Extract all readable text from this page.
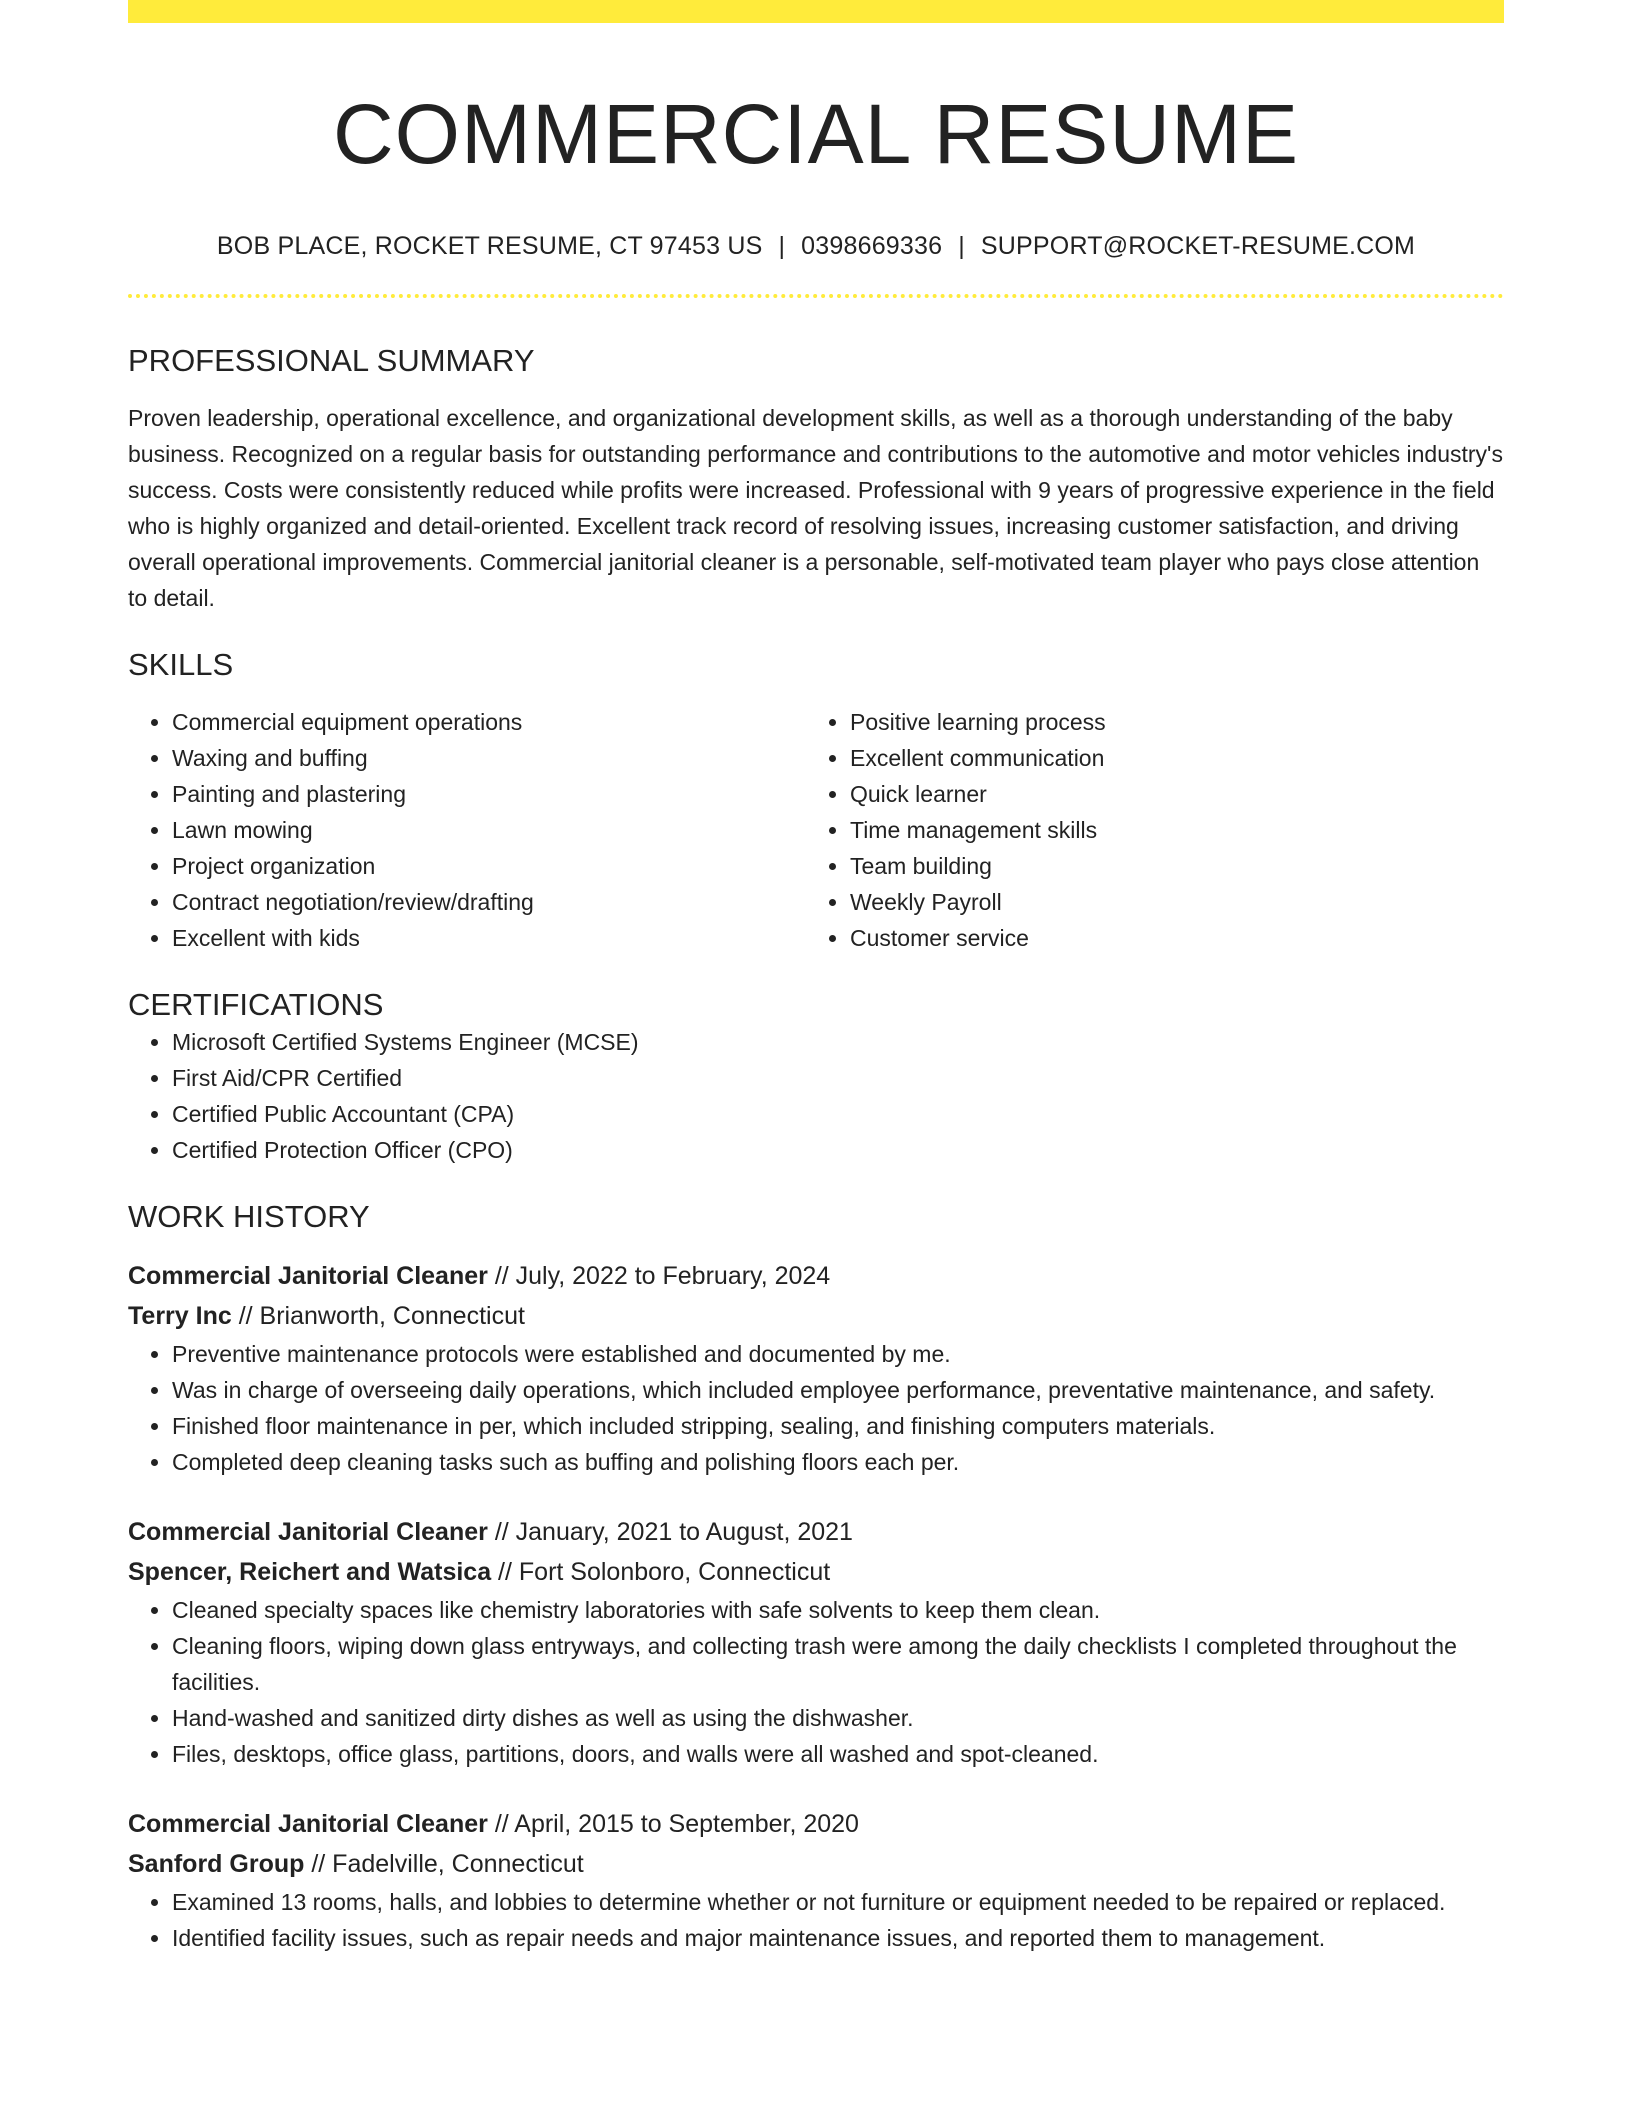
COMMERCIAL RESUME
BOB PLACE, ROCKET RESUME, CT 97453 US | 0398669336 | SUPPORT@ROCKET-RESUME.COM
PROFESSIONAL SUMMARY
Proven leadership, operational excellence, and organizational development skills, as well as a thorough understanding of the baby business. Recognized on a regular basis for outstanding performance and contributions to the automotive and motor vehicles industry's success. Costs were consistently reduced while profits were increased. Professional with 9 years of progressive experience in the field who is highly organized and detail-oriented. Excellent track record of resolving issues, increasing customer satisfaction, and driving overall operational improvements. Commercial janitorial cleaner is a personable, self-motivated team player who pays close attention to detail.
SKILLS
• Commercial equipment operations
• Waxing and buffing
• Painting and plastering
• Lawn mowing
• Project organization
• Contract negotiation/review/drafting
• Excellent with kids
• Positive learning process
• Excellent communication
• Quick learner
• Time management skills
• Team building
• Weekly Payroll
• Customer service
CERTIFICATIONS
• Microsoft Certified Systems Engineer (MCSE)
• First Aid/CPR Certified
• Certified Public Accountant (CPA)
• Certified Protection Officer (CPO)
WORK HISTORY
Commercial Janitorial Cleaner // July, 2022 to February, 2024
Terry Inc // Brianworth, Connecticut
• Preventive maintenance protocols were established and documented by me.
• Was in charge of overseeing daily operations, which included employee performance, preventative maintenance, and safety.
• Finished floor maintenance in per, which included stripping, sealing, and finishing computers materials.
• Completed deep cleaning tasks such as buffing and polishing floors each per.
Commercial Janitorial Cleaner // January, 2021 to August, 2021
Spencer, Reichert and Watsica // Fort Solonboro, Connecticut
• Cleaned specialty spaces like chemistry laboratories with safe solvents to keep them clean.
• Cleaning floors, wiping down glass entryways, and collecting trash were among the daily checklists I completed throughout the facilities.
• Hand-washed and sanitized dirty dishes as well as using the dishwasher.
• Files, desktops, office glass, partitions, doors, and walls were all washed and spot-cleaned.
Commercial Janitorial Cleaner // April, 2015 to September, 2020
Sanford Group // Fadelville, Connecticut
• Examined 13 rooms, halls, and lobbies to determine whether or not furniture or equipment needed to be repaired or replaced.
• Identified facility issues, such as repair needs and major maintenance issues, and reported them to management.
